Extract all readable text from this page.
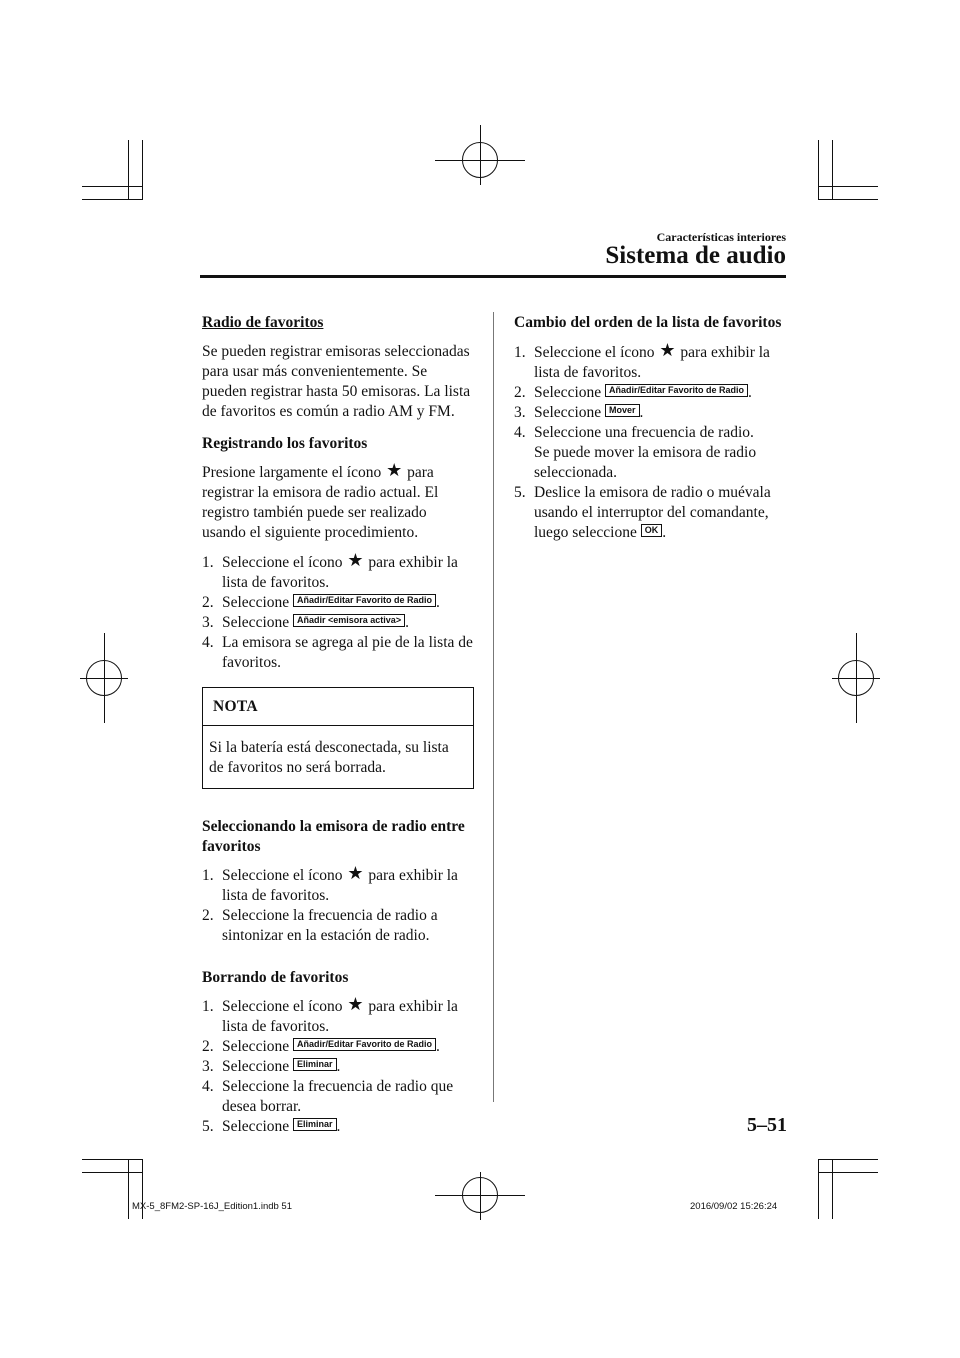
Características interiores
Sistema de audio

Radio de favoritos

Se pueden registrar emisoras seleccionadas para usar más convenientemente. Se pueden registrar hasta 50 emisoras. La lista de favoritos es común a radio AM y FM.

Registrando los favoritos

Presione largamente el ícono ★ para registrar la emisora de radio actual. El registro también puede ser realizado usando el siguiente procedimiento.

1. Seleccione el ícono ★ para exhibir la lista de favoritos.
2. Seleccione Añadir/Editar Favorito de Radio .
3. Seleccione Añadir <emisora activa> .
4. La emisora se agrega al pie de la lista de favoritos.
NOTA
Si la batería está desconectada, su lista de favoritos no será borrada.

Seleccionando la emisora de radio entre favoritos

1. Seleccione el ícono ★ para exhibir la lista de favoritos.
2. Seleccione la frecuencia de radio a sintonizar en la estación de radio.

Borrando de favoritos

1. Seleccione el ícono ★ para exhibir la lista de favoritos.
2. Seleccione Añadir/Editar Favorito de Radio .
3. Seleccione Eliminar .
4. Seleccione la frecuencia de radio que desea borrar.
5. Seleccione Eliminar .

Cambio del orden de la lista de favoritos

1. Seleccione el ícono ★ para exhibir la lista de favoritos.
2. Seleccione Añadir/Editar Favorito de Radio .
3. Seleccione Mover .
4. Seleccione una frecuencia de radio.
Se puede mover la emisora de radio seleccionada.
5. Deslice la emisora de radio o muévala usando el interruptor del comandante, luego seleccione OK .
5–51
MX-5_8FM2-SP-16J_Edition1.indb 51	2016/09/02 15:26:24
